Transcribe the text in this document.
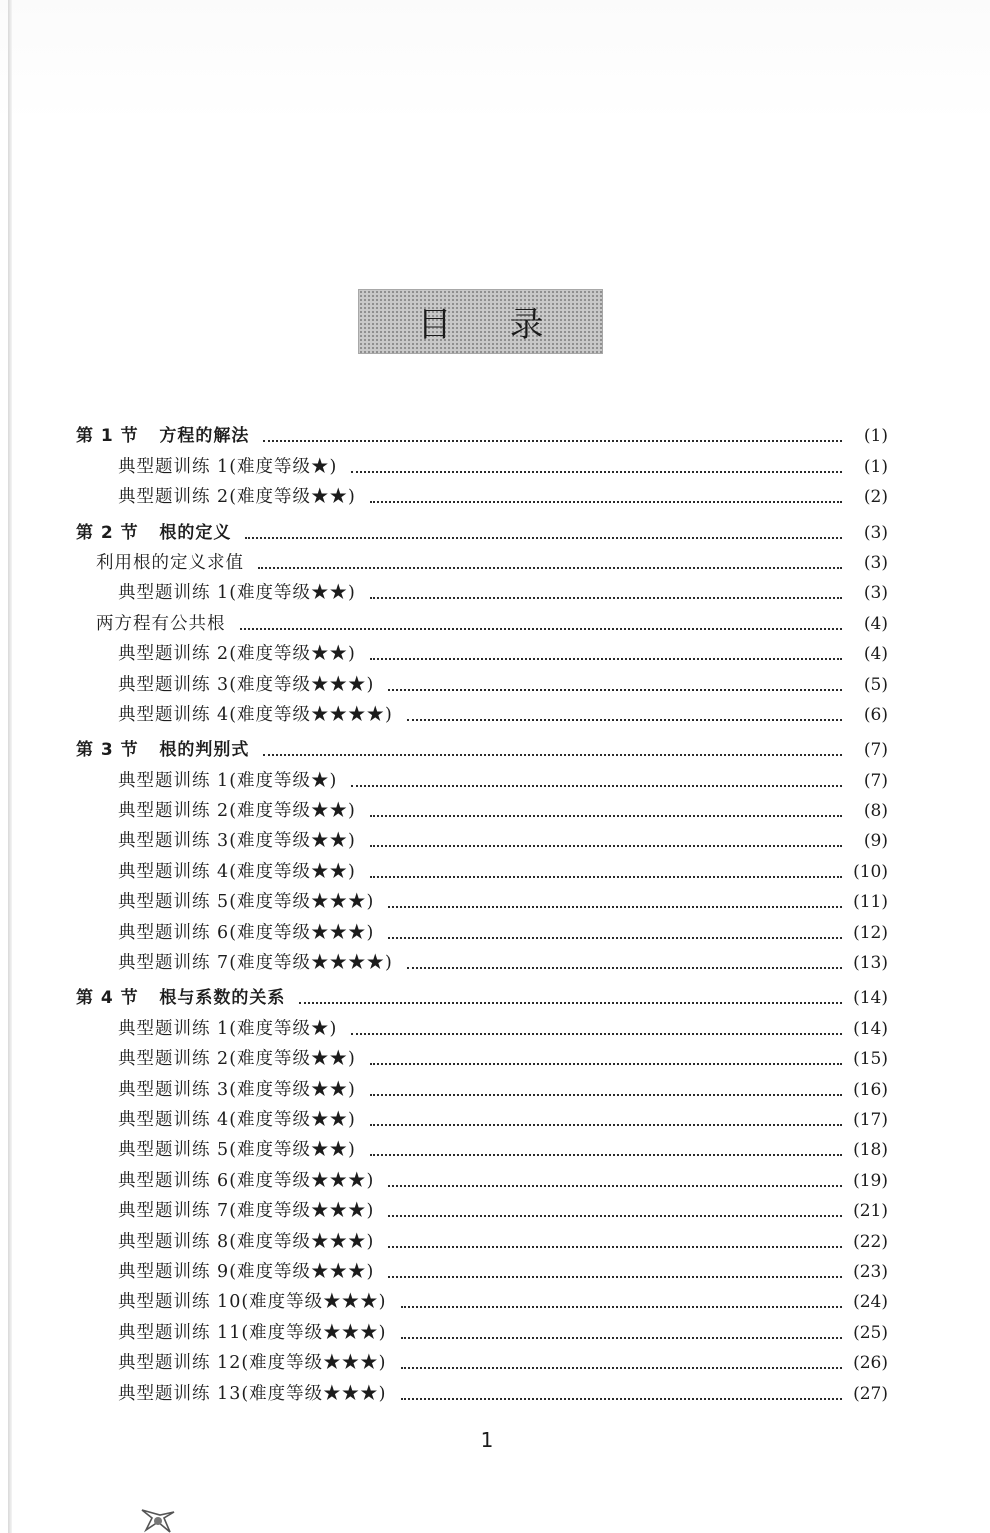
目录
第 1 节   方程的解法	(1)
典型题训练 1(难度等级★)	(1)
典型题训练 2(难度等级★★)	(2)
第 2 节   根的定义	(3)
利用根的定义求值	(3)
典型题训练 1(难度等级★★)	(3)
两方程有公共根	(4)
典型题训练 2(难度等级★★)	(4)
典型题训练 3(难度等级★★★)	(5)
典型题训练 4(难度等级★★★★)	(6)
第 3 节   根的判别式	(7)
典型题训练 1(难度等级★)	(7)
典型题训练 2(难度等级★★)	(8)
典型题训练 3(难度等级★★)	(9)
典型题训练 4(难度等级★★)	(10)
典型题训练 5(难度等级★★★)	(11)
典型题训练 6(难度等级★★★)	(12)
典型题训练 7(难度等级★★★★)	(13)
第 4 节   根与系数的关系	(14)
典型题训练 1(难度等级★)	(14)
典型题训练 2(难度等级★★)	(15)
典型题训练 3(难度等级★★)	(16)
典型题训练 4(难度等级★★)	(17)
典型题训练 5(难度等级★★)	(18)
典型题训练 6(难度等级★★★)	(19)
典型题训练 7(难度等级★★★)	(21)
典型题训练 8(难度等级★★★)	(22)
典型题训练 9(难度等级★★★)	(23)
典型题训练 10(难度等级★★★)	(24)
典型题训练 11(难度等级★★★)	(25)
典型题训练 12(难度等级★★★)	(26)
典型题训练 13(难度等级★★★)	(27)
1
